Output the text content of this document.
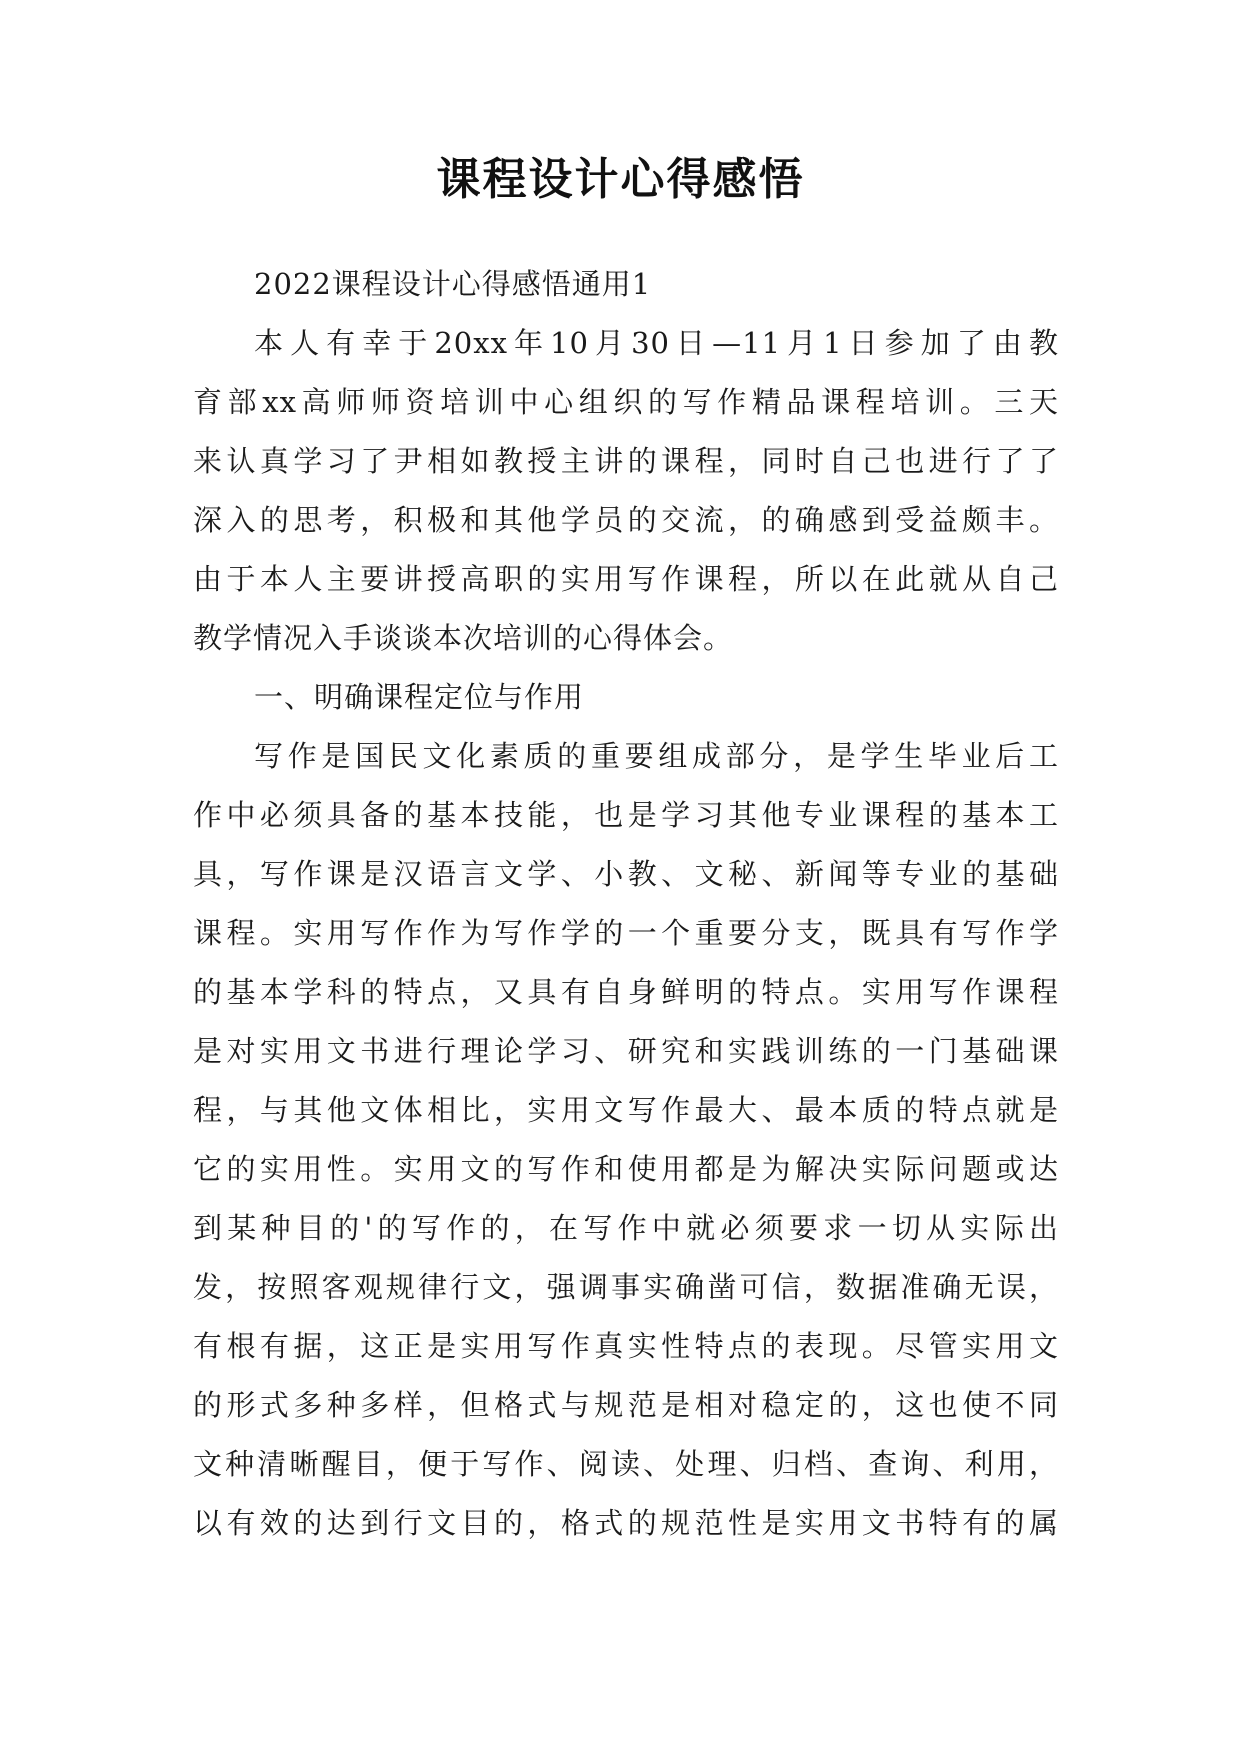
课程设计心得感悟
2022课程设计心得感悟通用1
本人有幸于20xx年10月30日—11月1日参加了由教
育部xx高师师资培训中心组织的写作精品课程培训。三天
来认真学习了尹相如教授主讲的课程，同时自己也进行了了
深入的思考，积极和其他学员的交流，的确感到受益颇丰。
由于本人主要讲授高职的实用写作课程，所以在此就从自己
教学情况入手谈谈本次培训的心得体会。
一、明确课程定位与作用
写作是国民文化素质的重要组成部分，是学生毕业后工
作中必须具备的基本技能，也是学习其他专业课程的基本工
具，写作课是汉语言文学、小教、文秘、新闻等专业的基础
课程。实用写作作为写作学的一个重要分支，既具有写作学
的基本学科的特点，又具有自身鲜明的特点。实用写作课程
是对实用文书进行理论学习、研究和实践训练的一门基础课
程，与其他文体相比，实用文写作最大、最本质的特点就是
它的实用性。实用文的写作和使用都是为解决实际问题或达
到某种目的'的写作的，在写作中就必须要求一切从实际出
发，按照客观规律行文，强调事实确凿可信，数据准确无误，
有根有据，这正是实用写作真实性特点的表现。尽管实用文
的形式多种多样，但格式与规范是相对稳定的，这也使不同
文种清晰醒目，便于写作、阅读、处理、归档、查询、利用，
以有效的达到行文目的，格式的规范性是实用文书特有的属
